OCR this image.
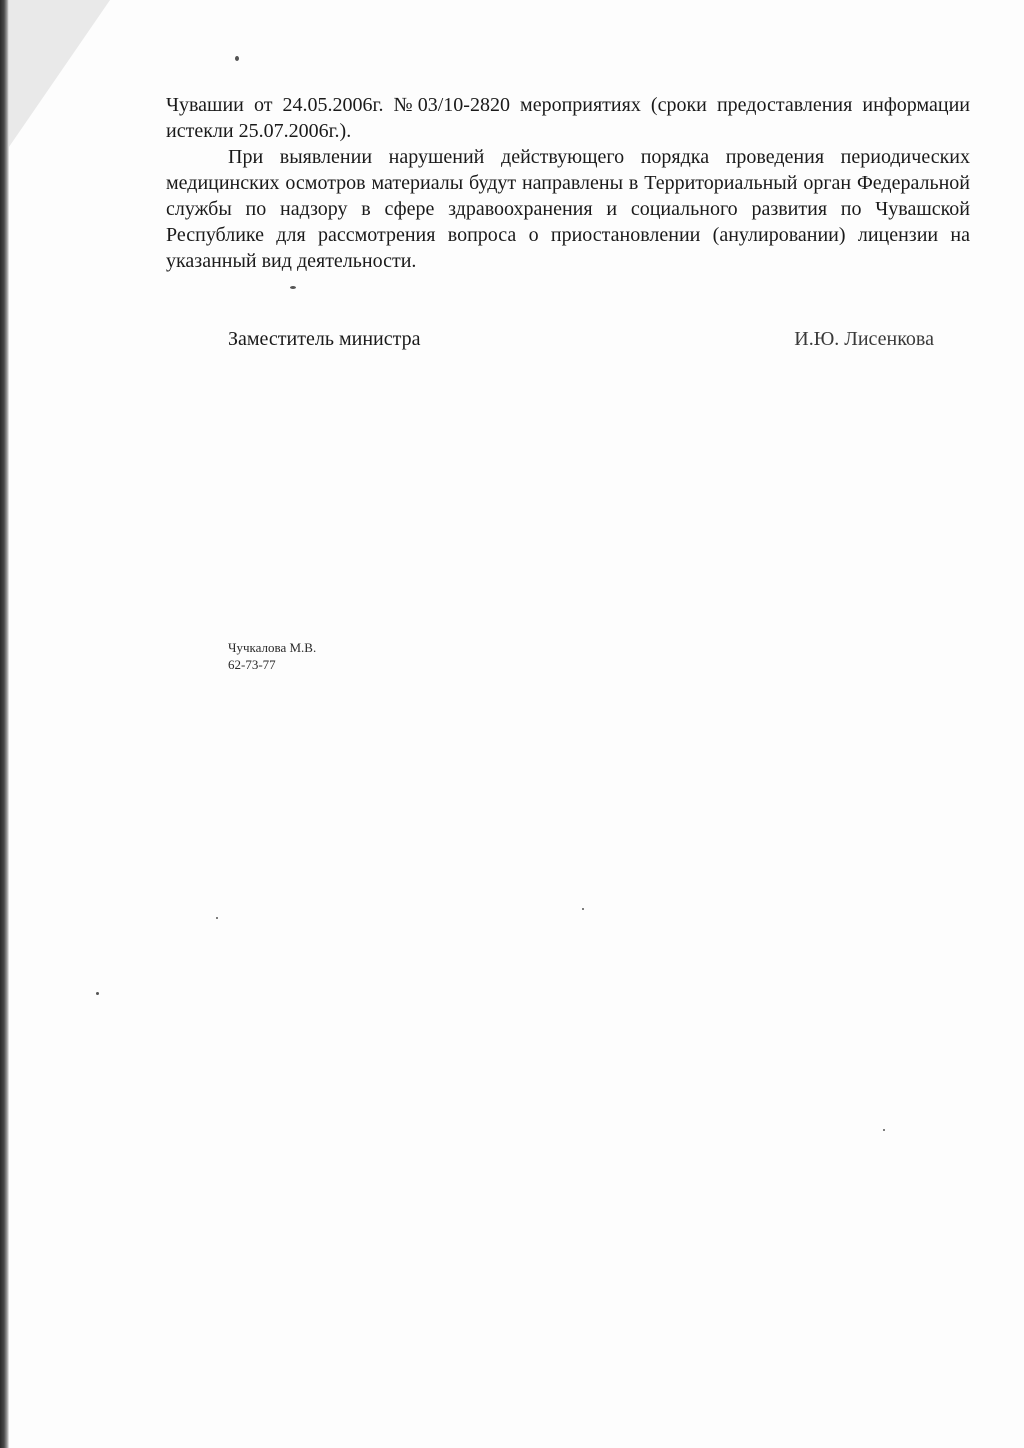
Чувашии от 24.05.2006г. №03/10-2820 мероприятиях (сроки предоставления информации истекли 25.07.2006г.).

При выявлении нарушений действующего порядка проведения периодических медицинских осмотров материалы будут направлены в Территориальный орган Федеральной службы по надзору в сфере здравоохранения и социального развития по Чувашской Республике для рассмотрения вопроса о приостановлении (анулировании) лицензии на указанный вид деятельности.

Заместитель министра	И.Ю. Лисенкова
Чучкалова М.В.
62-73-77
